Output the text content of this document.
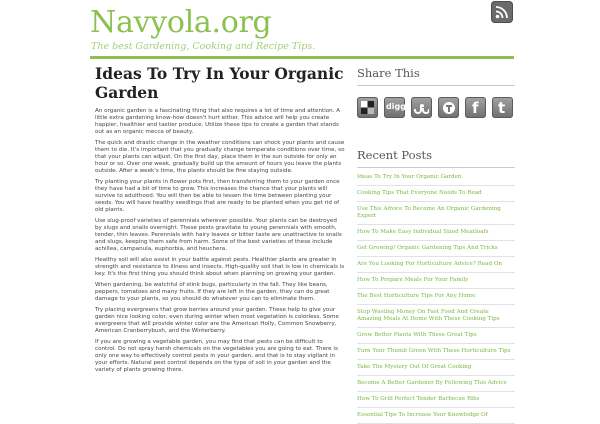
Navyola.org
The best Gardening, Cooking and Recipe Tips.
Ideas To Try In Your Organic Garden

An organic garden is a fascinating thing that also requires a lot of time and attention. A little extra gardening know-how doesn't hurt either. This advice will help you create happier, healthier and tastier produce. Utilize these tips to create a garden that stands out as an organic mecca of beauty.

The quick and drastic change in the weather conditions can shock your plants and cause them to die. It's important that you gradually change temperate conditions over time, so that your plants can adjust. On the first day, place them in the sun outside for only an hour or so. Over one week, gradually build up the amount of hours you leave the plants outside. After a week's time, the plants should be fine staying outside.

Try planting your plants in flower pots first, then transferring them to your garden once they have had a bit of time to grow. This increases the chance that your plants will survive to adulthood. You will then be able to lessen the time between planting your seeds. You will have healthy seedlings that are ready to be planted when you get rid of old plants.

Use slug-proof varieties of perennials wherever possible. Your plants can be destroyed by slugs and snails overnight. These pests gravitate to young perennials with smooth, tender, thin leaves. Perennials with hairy leaves or bitter taste are unattractive to snails and slugs, keeping them safe from harm. Some of the best varieties of these include achillea, campanula, euphorbia, and heuchera.

Healthy soil will also assist in your battle against pests. Healthier plants are greater in strength and resistance to illness and insects. High-quality soil that is low in chemicals is key. It's the first thing you should think about when planning on growing your garden.

When gardening, be watchful of stink bugs, particularly in the fall. They like beans, peppers, tomatoes and many fruits. If they are left in the garden, they can do great damage to your plants, so you should do whatever you can to eliminate them.

Try placing evergreens that grow berries around your garden. These help to give your garden nice looking color, even during winter when most vegetation is colorless. Some evergreens that will provide winter color are the American Holly, Common Snowberry, American Cranberrybush, and the Winterberry.

If you are growing a vegetable garden, you may find that pests can be difficult to control. Do not spray harsh chemicals on the vegetables you are going to eat. There is only one way to effectively control pests in your garden, and that is to stay vigilant in your efforts. Natural pest control depends on the type of soil in your garden and the variety of plants growing there.

Share This
digg	f t
Recent Posts
Ideas To Try In Your Organic Garden
Cooking Tips That Everyone Needs To Read
Use This Advice To Become An Organic Gardening Expert
How To Make Easy Individual Sized Meatloafs
Get Growing! Organic Gardening Tips And Tricks
Are You Looking For Horticulture Advice? Read On
How To Prepare Meals For Your Family
The Best Horticulture Tips For Any Home
Stop Wasting Money On Fast Food And Create Amazing Meals At Home With These Cooking Tips
Grow Better Plants With These Great Tips
Turn Your Thumb Green With These Horticulture Tips
Take The Mystery Out Of Great Cooking
Become A Better Gardener By Following This Advice
How To Grill Perfect Tender Barbecue Ribs
Essential Tips To Increase Your Knowledge Of
